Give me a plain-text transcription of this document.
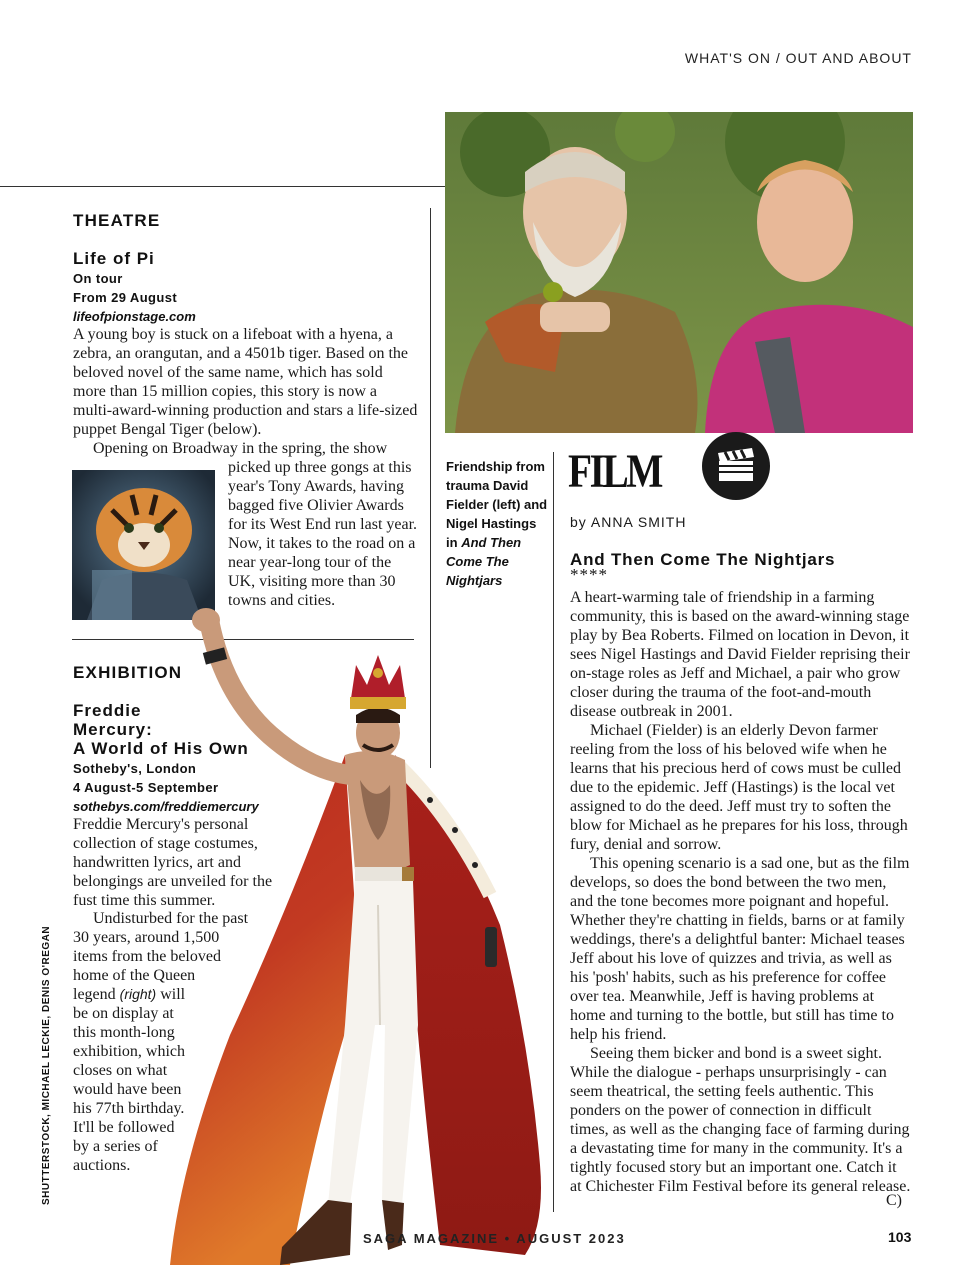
WHAT'S ON / OUT AND ABOUT
THEATRE
Life of Pi
On tour
From 29 August
lifeofpionstage.com

A young boy is stuck on a lifeboat with a hyena, a zebra, an orangutan, and a 4501b tiger. Based on the beloved novel of the same name, which has sold more than 15 million copies, this story is now a multi-award-winning production and stars a life-sized puppet Bengal Tiger (below).

Opening on Broadway in the spring, the show picked up three gongs at this year's Tony Awards, having bagged five Olivier Awards for its West End run last year. Now, it takes to the road on a near year-long tour of the UK, visiting more than 30 towns and cities.

EXHIBITION
Freddie
Mercury:
A World of His Own
Sotheby's, London
4 August-5 September
sothebys.com/freddiemercury
Freddie Mercury's personal collection of stage costumes, handwritten lyrics, art and belongings are unveiled for the fust time this summer.
Undisturbed for the past
30 years, around 1,500
items from the beloved
home of the Queen
legend (right) will
be on display at
this month-long
exhibition, which
closes on what
would have been
his 77th birthday.
It'll be followed
by a series of
auctions.
SHUTTERSTOCK, MICHAEL LECKIE, DENIS O'REGAN
Friendship from trauma David Fielder (left) and Nigel Hastings in And Then Come The Nightjars
FILM
by ANNA SMITH
And Then Come The Nightjars
****

A heart-warming tale of friendship in a farming community, this is based on the award-winning stage play by Bea Roberts. Filmed on location in Devon, it sees Nigel Hastings and David Fielder reprising their on-stage roles as Jeff and Michael, a pair who grow closer during the trauma of the foot-and-mouth disease outbreak in 2001.

Michael (Fielder) is an elderly Devon farmer reeling from the loss of his beloved wife when he learns that his precious herd of cows must be culled due to the epidemic. Jeff (Hastings) is the local vet assigned to do the deed. Jeff must try to soften the blow for Michael as he prepares for his loss, through fury, denial and sorrow.

This opening scenario is a sad one, but as the film develops, so does the bond between the two men, and the tone becomes more poignant and hopeful. Whether they're chatting in fields, barns or at family weddings, there's a delightful banter: Michael teases Jeff about his love of quizzes and trivia, as well as his 'posh' habits, such as his preference for coffee over tea. Meanwhile, Jeff is having problems at home and turning to the bottle, but still has time to help his friend.

Seeing them bicker and bond is a sweet sight. While the dialogue - perhaps unsurprisingly - can seem theatrical, the setting feels authentic. This ponders on the power of connection in difficult times, as well as the changing face of farming during a devastating time for many in the community. It's a tightly focused story but an important one. Catch it at Chichester Film Festival before its general release.

C)
SAGA MAGAZINE • AUGUST 2023	103
